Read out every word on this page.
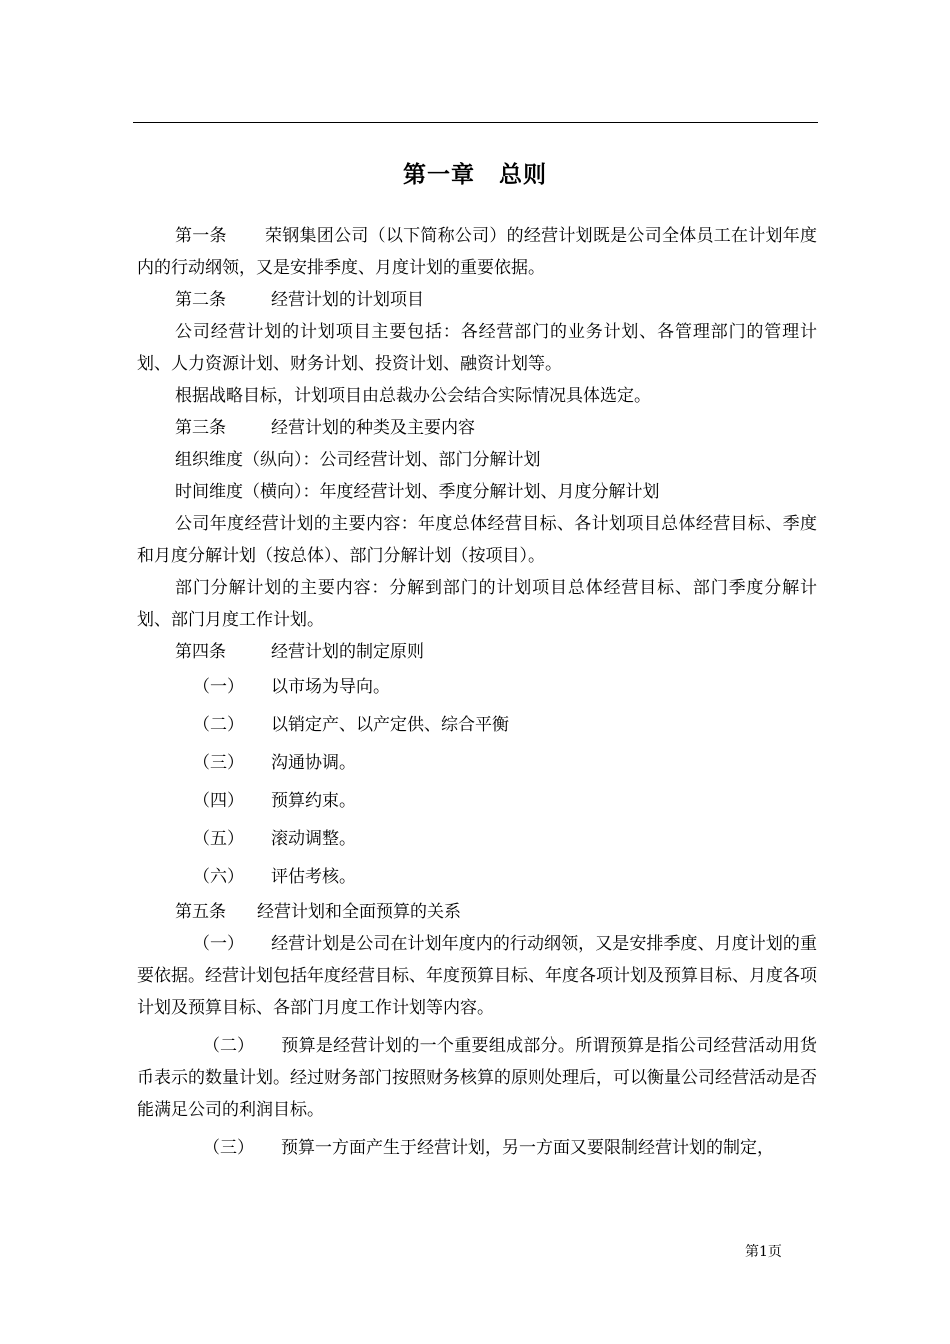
第一章　总则

第一条 荣钢集团公司（以下简称公司）的经营计划既是公司全体员工在计划年度内的行动纲领，又是安排季度、月度计划的重要依据。

第二条	经营计划的计划项目

公司经营计划的计划项目主要包括：各经营部门的业务计划、各管理部门的管理计划、人力资源计划、财务计划、投资计划、融资计划等。

根据战略目标，计划项目由总裁办公会结合实际情况具体选定。

第三条	经营计划的种类及主要内容

组织维度（纵向）：公司经营计划、部门分解计划

时间维度（横向）：年度经营计划、季度分解计划、月度分解计划

公司年度经营计划的主要内容：年度总体经营目标、各计划项目总体经营目标、季度和月度分解计划（按总体）、部门分解计划（按项目）。

部门分解计划的主要内容：分解到部门的计划项目总体经营目标、部门季度分解计划、部门月度工作计划。

第四条	经营计划的制定原则

（一） 以市场为导向。

（二） 以销定产、以产定供、综合平衡

（三） 沟通协调。

（四） 预算约束。

（五） 滚动调整。

（六） 评估考核。

第五条 经营计划和全面预算的关系

（一） 经营计划是公司在计划年度内的行动纲领，又是安排季度、月度计划的重要依据。经营计划包括年度经营目标、年度预算目标、年度各项计划及预算目标、月度各项计划及预算目标、各部门月度工作计划等内容。

（二） 预算是经营计划的一个重要组成部分。所谓预算是指公司经营活动用货币表示的数量计划。经过财务部门按照财务核算的原则处理后，可以衡量公司经营活动是否能满足公司的利润目标。

（三） 预算一方面产生于经营计划，另一方面又要限制经营计划的制定，

第1页
